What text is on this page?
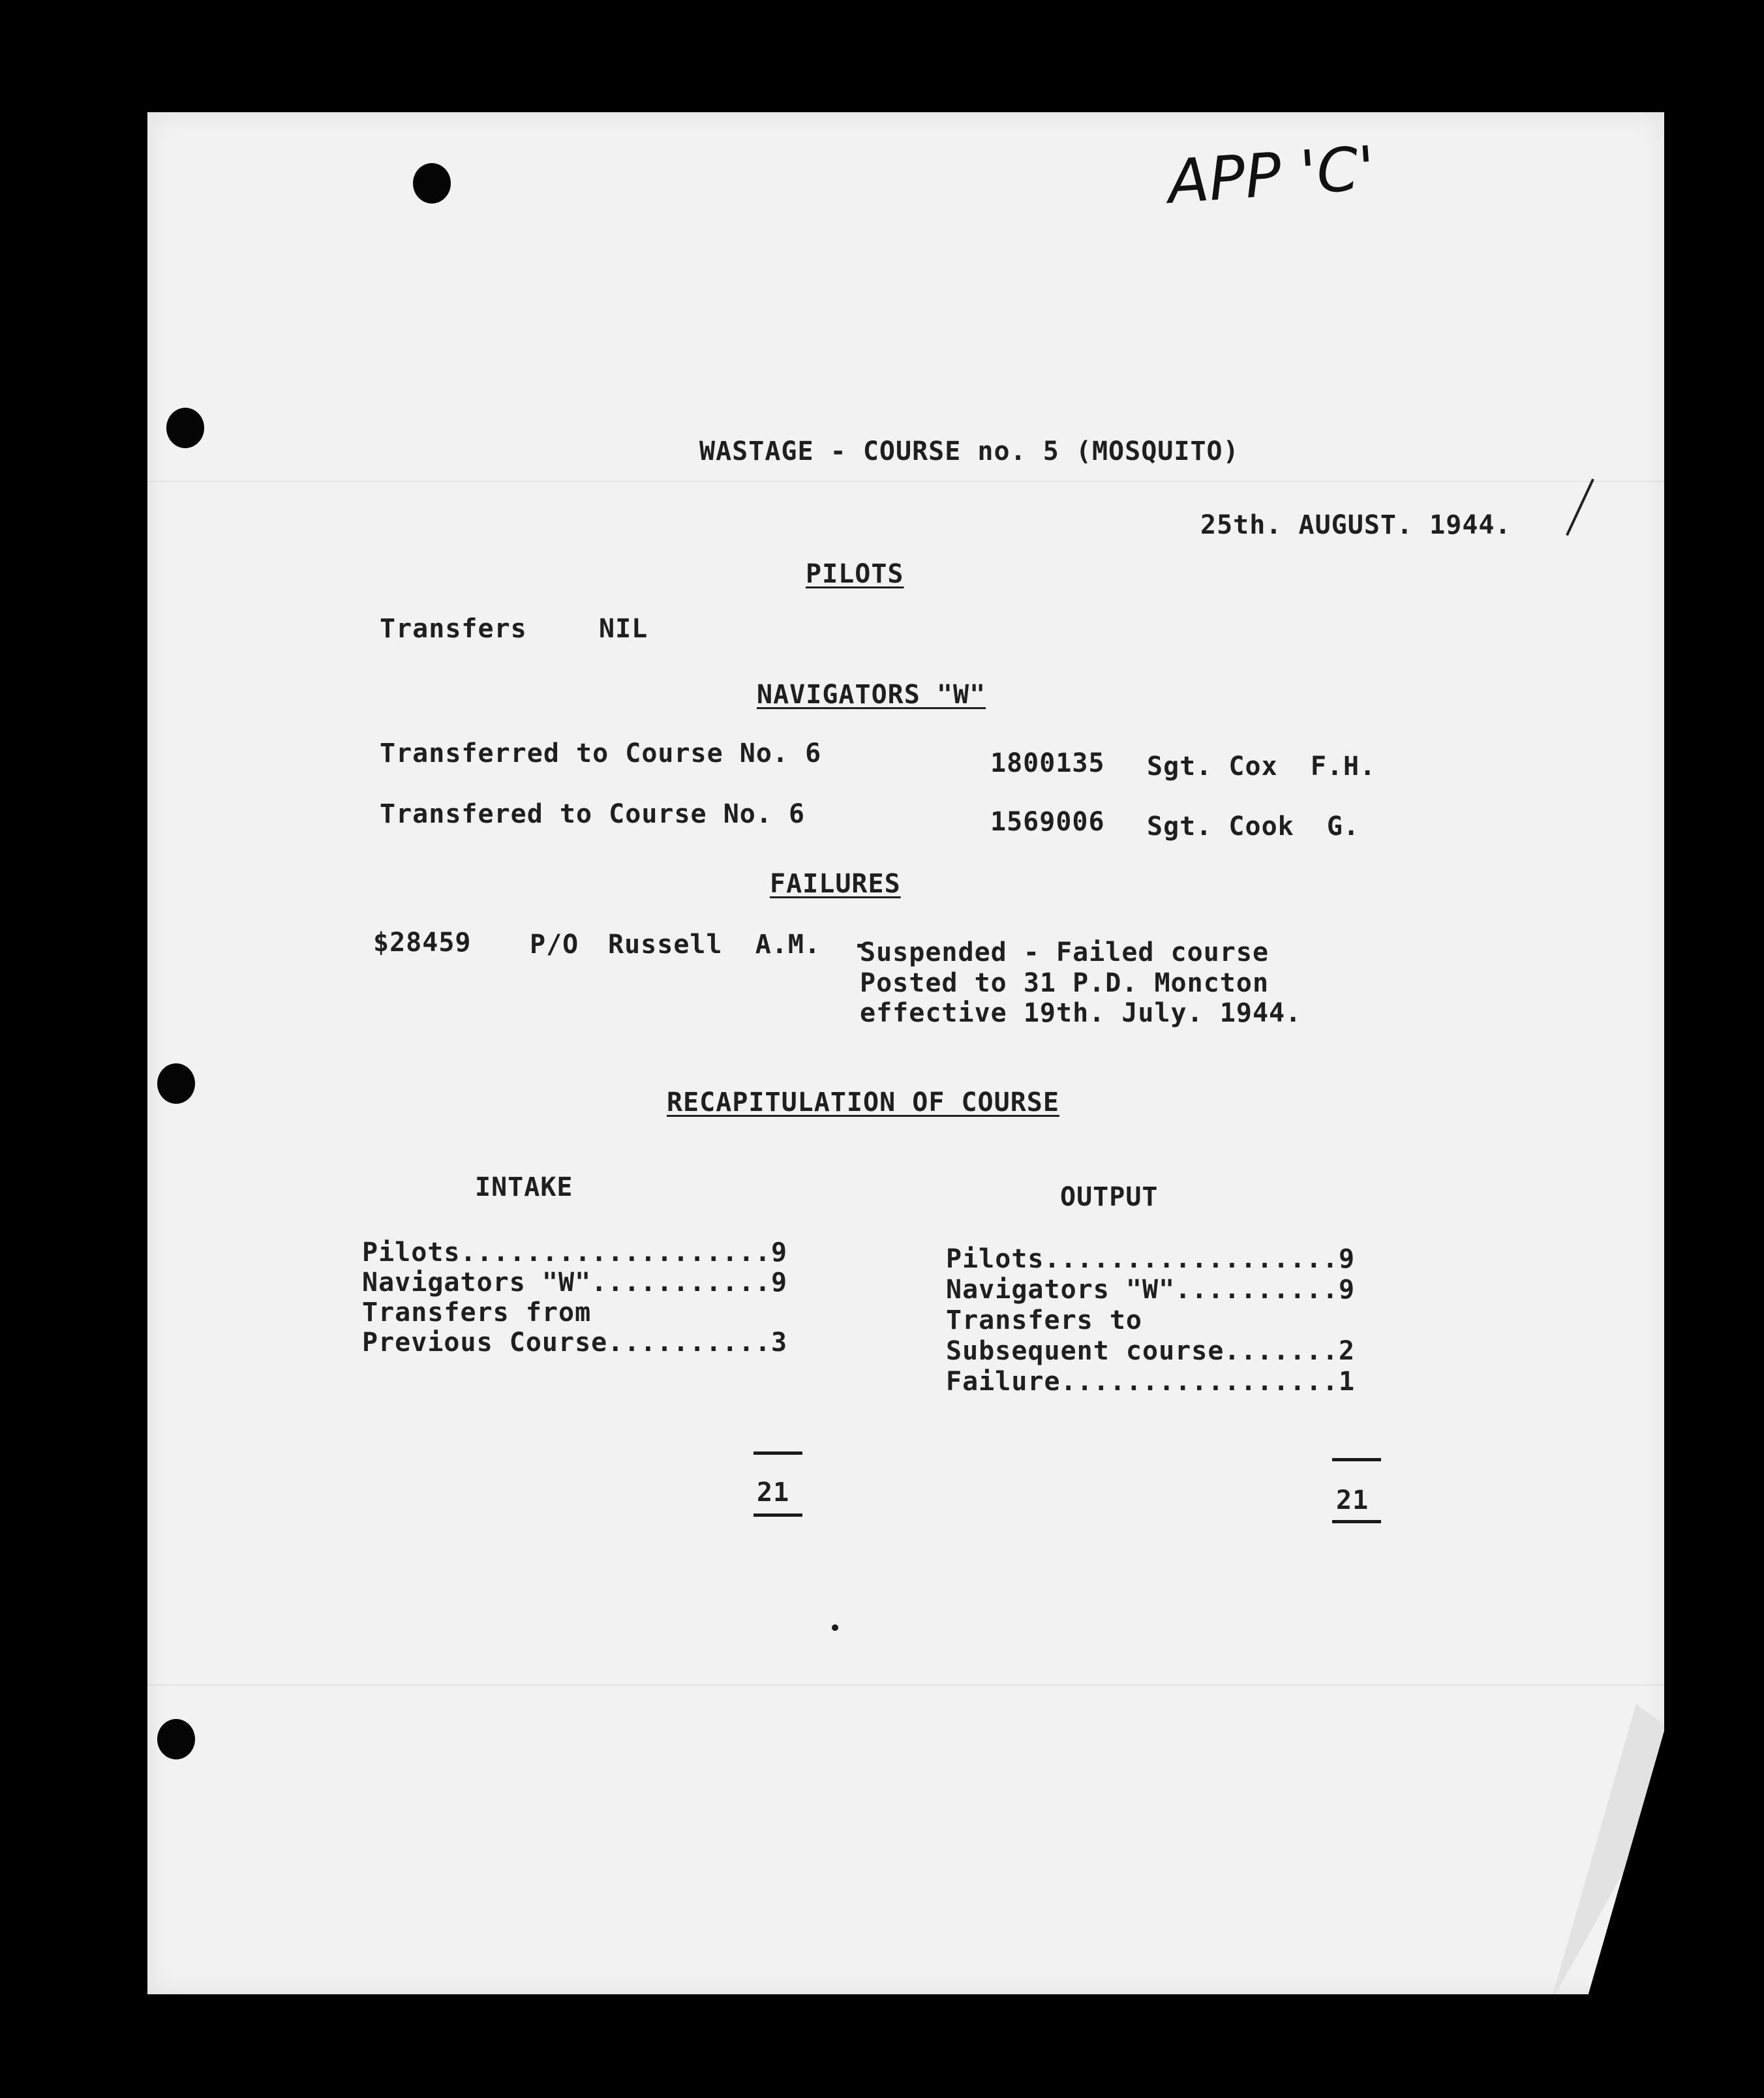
APP 'C'
WASTAGE - COURSE no. 5 (MOSQUITO)
25th. AUGUST. 1944.
PILOTS
Transfers	NIL
NAVIGATORS "W"
Transferred to Course No. 6	1800135 Sgt. Cox  F.H.
Transfered to Course No. 6	1569006 Sgt. Cook  G.
FAILURES
$28459 P/O Russell  A.M.  -
Suspended - Failed course
Posted to 31 P.D. Moncton
effective 19th. July. 1944.
RECAPITULATION OF COURSE
INTAKE
Pilots...................9
Navigators "W"...........9
Transfers from
Previous Course..........3
21
OUTPUT
Pilots..................9
Navigators "W"..........9
Transfers to
Subsequent course.......2
Failure.................1
21
